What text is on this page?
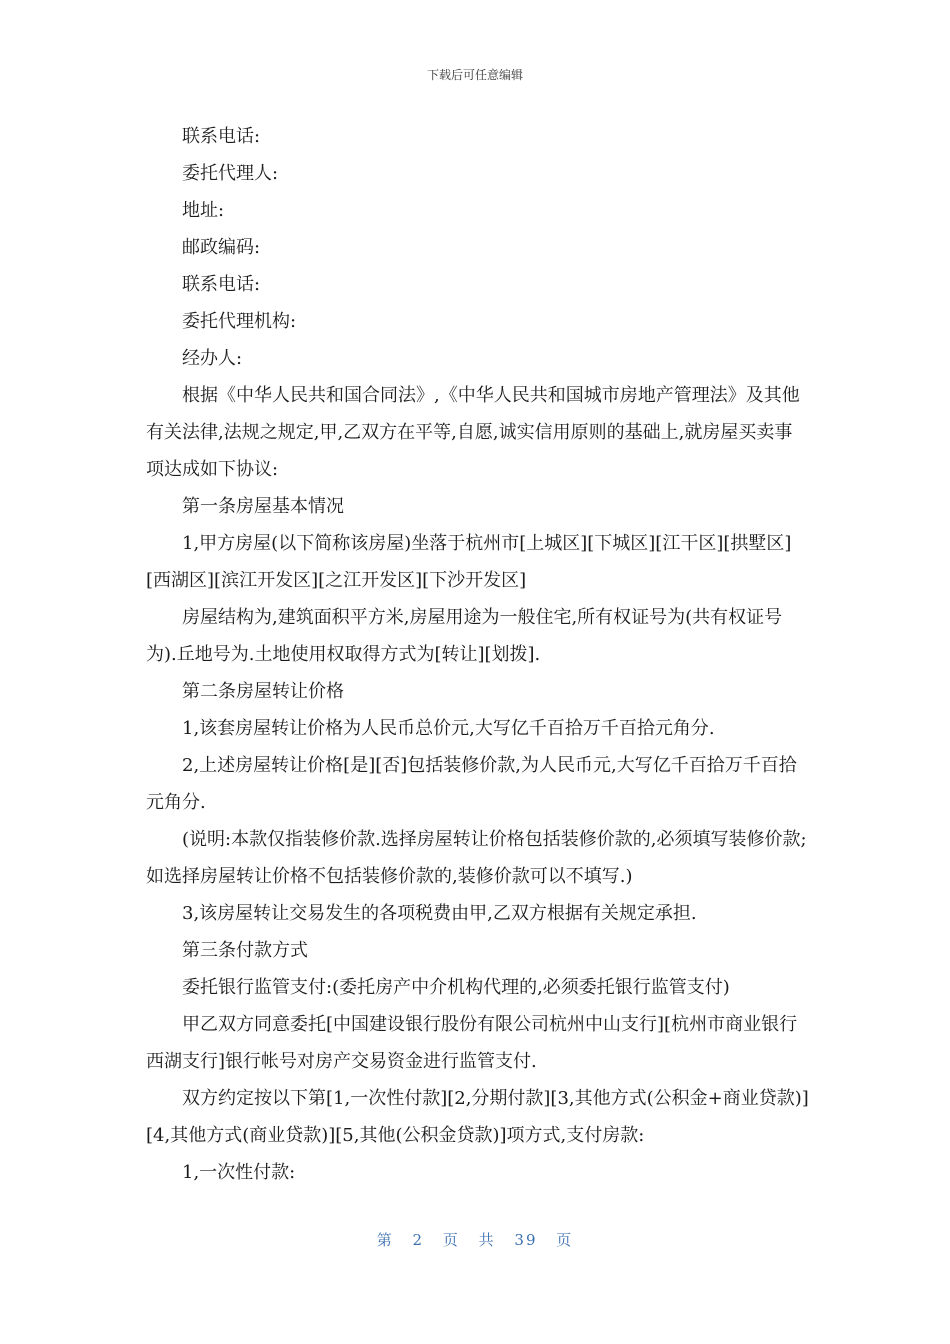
下载后可任意编辑

联系电话:

委托代理人:

地址:

邮政编码:

联系电话:

委托代理机构:

经办人:

根据《中华人民共和国合同法》,《中华人民共和国城市房地产管理法》及其他有关法律,法规之规定,甲,乙双方在平等,自愿,诚实信用原则的基础上,就房屋买卖事项达成如下协议:

第一条房屋基本情况

1,甲方房屋(以下简称该房屋)坐落于杭州市[上城区][下城区][江干区][拱墅区][西湖区][滨江开发区][之江开发区][下沙开发区]

房屋结构为,建筑面积平方米,房屋用途为一般住宅,所有权证号为(共有权证号为).丘地号为.土地使用权取得方式为[转让][划拨].

第二条房屋转让价格

1,该套房屋转让价格为人民币总价元,大写亿千百拾万千百拾元角分.

2,上述房屋转让价格[是][否]包括装修价款,为人民币元,大写亿千百拾万千百拾元角分.

(说明:本款仅指装修价款.选择房屋转让价格包括装修价款的,必须填写装修价款;如选择房屋转让价格不包括装修价款的,装修价款可以不填写.)

3,该房屋转让交易发生的各项税费由甲,乙双方根据有关规定承担.

第三条付款方式

委托银行监管支付:(委托房产中介机构代理的,必须委托银行监管支付)

甲乙双方同意委托[中国建设银行股份有限公司杭州中山支行][杭州市商业银行西湖支行]银行帐号对房产交易资金进行监管支付.

双方约定按以下第[1,一次性付款][2,分期付款][3,其他方式(公积金+商业贷款)][4,其他方式(商业贷款)][5,其他(公积金贷款)]项方式,支付房款:

1,一次性付款:

第 2 页 共 39 页
